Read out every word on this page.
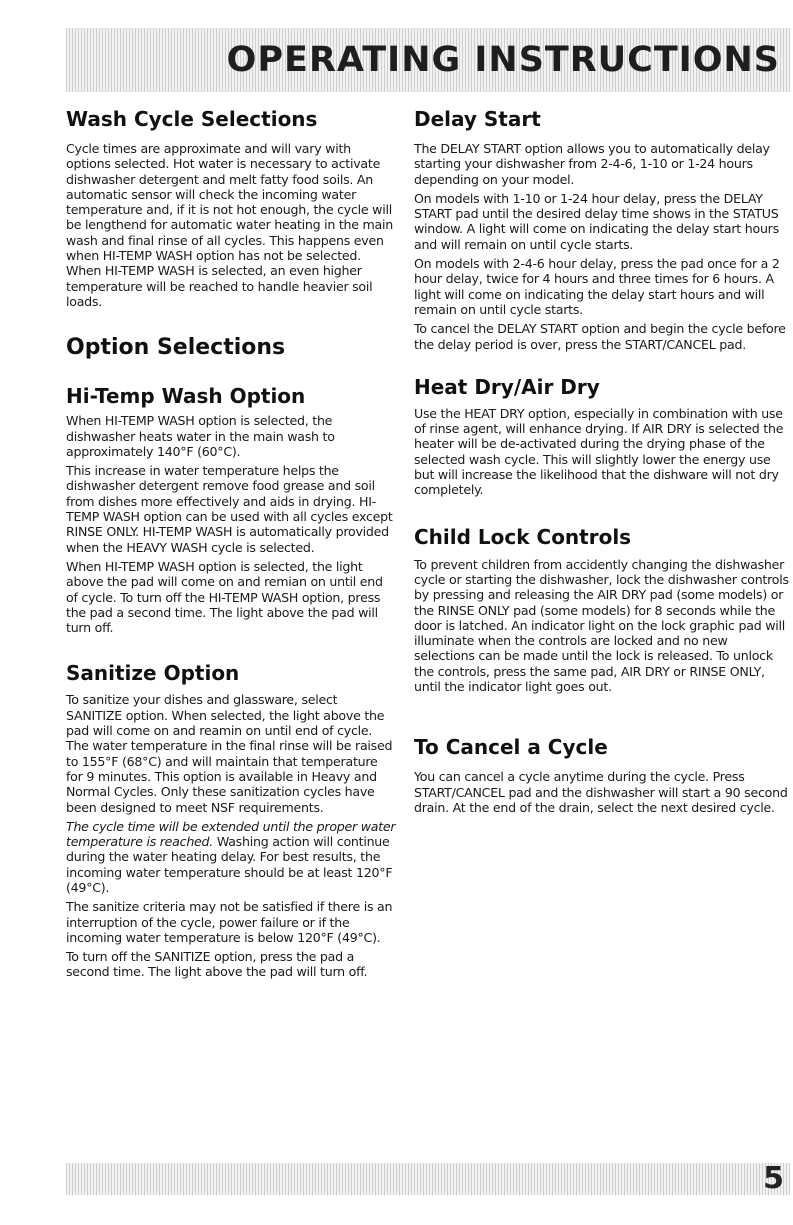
OPERATING INSTRUCTIONS
Wash Cycle Selections

Cycle times are approximate and will vary with options selected. Hot water is necessary to activate dishwasher detergent and melt fatty food soils. An automatic sensor will check the incoming water temperature and, if it is not hot enough, the cycle will be lengthend for automatic water heating in the main wash and final rinse of all cycles. This happens even when HI-TEMP WASH option has not be selected. When HI-TEMP WASH is selected, an even higher temperature will be reached to handle heavier soil loads.

Option Selections
Hi-Temp Wash Option

When HI-TEMP WASH option is selected, the dishwasher heats water in the main wash to approximately 140°F (60°C).

This increase in water temperature helps the dishwasher detergent remove food grease and soil from dishes more effectively and aids in drying. HI-TEMP WASH option can be used with all cycles except RINSE ONLY. HI-TEMP WASH is automatically provided when the HEAVY WASH cycle is selected.

When HI-TEMP WASH option is selected, the light above the pad will come on and remian on until end of cycle. To turn off the HI-TEMP WASH option, press the pad a second time. The light above the pad will turn off.

Sanitize Option

To sanitize your dishes and glassware, select SANITIZE option. When selected, the light above the pad will come on and reamin on until end of cycle. The water temperature in the final rinse will be raised to 155°F (68°C) and will maintain that temperature for 9 minutes. This option is available in Heavy and Normal Cycles. Only these sanitization cycles have been designed to meet NSF requirements.

The cycle time will be extended until the proper water temperature is reached. Washing action will continue during the water heating delay. For best results, the incoming water temperature should be at least 120°F (49°C).

The sanitize criteria may not be satisfied if there is an interruption of the cycle, power failure or if the incoming water temperature is below 120°F (49°C).

To turn off the SANITIZE option, press the pad a second time. The light above the pad will turn off.

Delay Start

The DELAY START option allows you to automatically delay starting your dishwasher from 2-4-6, 1-10 or 1-24 hours depending on your model.

On models with 1-10 or 1-24 hour delay, press the DELAY START pad until the desired delay time shows in the STATUS window. A light will come on indicating the delay start hours and will remain on until cycle starts.

On models with 2-4-6 hour delay, press the pad once for a 2 hour delay, twice for 4 hours and three times for 6 hours. A light will come on indicating the delay start hours and will remain on until cycle starts.

To cancel the DELAY START option and begin the cycle before the delay period is over, press the START/CANCEL pad.

Heat Dry/Air Dry

Use the HEAT DRY option, especially in combination with use of rinse agent, will enhance drying. If AIR DRY is selected the heater will be de-activated during the drying phase of the selected wash cycle. This will slightly lower the energy use but will increase the likelihood that the dishware will not dry completely.

Child Lock Controls

To prevent children from accidently changing the dishwasher cycle or starting the dishwasher, lock the dishwasher controls by pressing and releasing the AIR DRY pad (some models) or the RINSE ONLY pad (some models) for 8 seconds while the door is latched. An indicator light on the lock graphic pad will illuminate when the controls are locked and no new selections can be made until the lock is released. To unlock the controls, press the same pad, AIR DRY or RINSE ONLY, until the indicator light goes out.

To Cancel a Cycle

You can cancel a cycle anytime during the cycle. Press START/CANCEL pad and the dishwasher will start a 90 second drain. At the end of the drain, select the next desired cycle.

5
